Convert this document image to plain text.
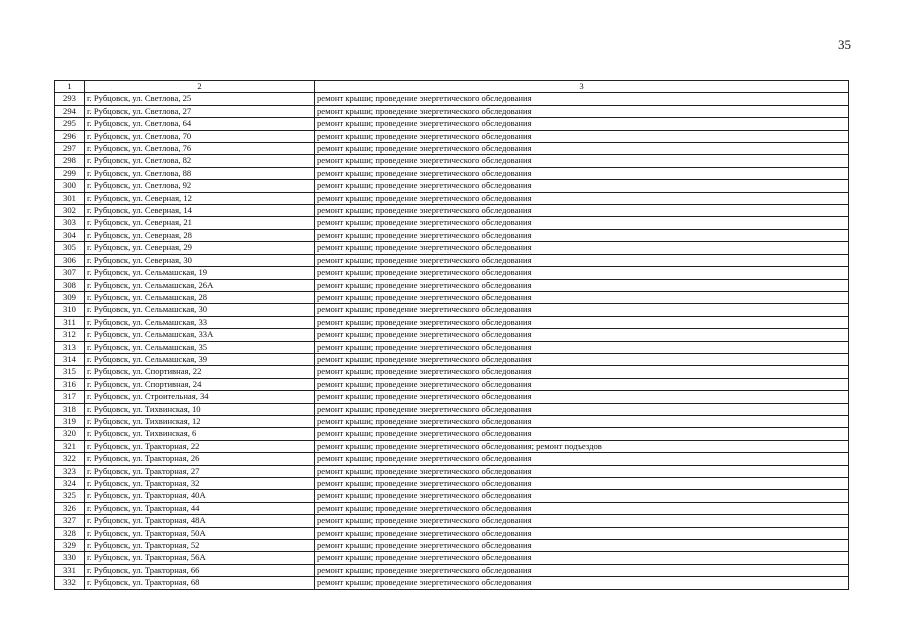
35
1	2	3
293	г. Рубцовск, ул. Светлова, 25	ремонт крыши; проведение энергетического обследования
294	г. Рубцовск, ул. Светлова, 27	ремонт крыши; проведение энергетического обследования
295	г. Рубцовск, ул. Светлова, 64	ремонт крыши; проведение энергетического обследования
296	г. Рубцовск, ул. Светлова, 70	ремонт крыши; проведение энергетического обследования
297	г. Рубцовск, ул. Светлова, 76	ремонт крыши; проведение энергетического обследования
298	г. Рубцовск, ул. Светлова, 82	ремонт крыши; проведение энергетического обследования
299	г. Рубцовск, ул. Светлова, 88	ремонт крыши; проведение энергетического обследования
300	г. Рубцовск, ул. Светлова, 92	ремонт крыши; проведение энергетического обследования
301	г. Рубцовск, ул. Северная, 12	ремонт крыши; проведение энергетического обследования
302	г. Рубцовск, ул. Северная, 14	ремонт крыши; проведение энергетического обследования
303	г. Рубцовск, ул. Северная, 21	ремонт крыши; проведение энергетического обследования
304	г. Рубцовск, ул. Северная, 28	ремонт крыши; проведение энергетического обследования
305	г. Рубцовск, ул. Северная, 29	ремонт крыши; проведение энергетического обследования
306	г. Рубцовск, ул. Северная, 30	ремонт крыши; проведение энергетического обследования
307	г. Рубцовск, ул. Сельмашская, 19	ремонт крыши; проведение энергетического обследования
308	г. Рубцовск, ул. Сельмашская, 26А	ремонт крыши; проведение энергетического обследования
309	г. Рубцовск, ул. Сельмашская, 28	ремонт крыши; проведение энергетического обследования
310	г. Рубцовск, ул. Сельмашская, 30	ремонт крыши; проведение энергетического обследования
311	г. Рубцовск, ул. Сельмашская, 33	ремонт крыши; проведение энергетического обследования
312	г. Рубцовск, ул. Сельмашская, 33А	ремонт крыши; проведение энергетического обследования
313	г. Рубцовск, ул. Сельмашская, 35	ремонт крыши; проведение энергетического обследования
314	г. Рубцовск, ул. Сельмашская, 39	ремонт крыши; проведение энергетического обследования
315	г. Рубцовск, ул. Спортивная, 22	ремонт крыши; проведение энергетического обследования
316	г. Рубцовск, ул. Спортивная, 24	ремонт крыши; проведение энергетического обследования
317	г. Рубцовск, ул. Строительная, 34	ремонт крыши; проведение энергетического обследования
318	г. Рубцовск, ул. Тихвинская, 10	ремонт крыши; проведение энергетического обследования
319	г. Рубцовск, ул. Тихвинская, 12	ремонт крыши; проведение энергетического обследования
320	г. Рубцовск, ул. Тихвинская, 6	ремонт крыши; проведение энергетического обследования
321	г. Рубцовск, ул. Тракторная, 22	ремонт крыши; проведение энергетического обследования; ремонт подъездов
322	г. Рубцовск, ул. Тракторная, 26	ремонт крыши; проведение энергетического обследования
323	г. Рубцовск, ул. Тракторная, 27	ремонт крыши; проведение энергетического обследования
324	г. Рубцовск, ул. Тракторная, 32	ремонт крыши; проведение энергетического обследования
325	г. Рубцовск, ул. Тракторная, 40А	ремонт крыши; проведение энергетического обследования
326	г. Рубцовск, ул. Тракторная, 44	ремонт крыши; проведение энергетического обследования
327	г. Рубцовск, ул. Тракторная, 48А	ремонт крыши; проведение энергетического обследования
328	г. Рубцовск, ул. Тракторная, 50А	ремонт крыши; проведение энергетического обследования
329	г. Рубцовск, ул. Тракторная, 52	ремонт крыши; проведение энергетического обследования
330	г. Рубцовск, ул. Тракторная, 56А	ремонт крыши; проведение энергетического обследования
331	г. Рубцовск, ул. Тракторная, 66	ремонт крыши; проведение энергетического обследования
332	г. Рубцовск, ул. Тракторная, 68	ремонт крыши; проведение энергетического обследования
